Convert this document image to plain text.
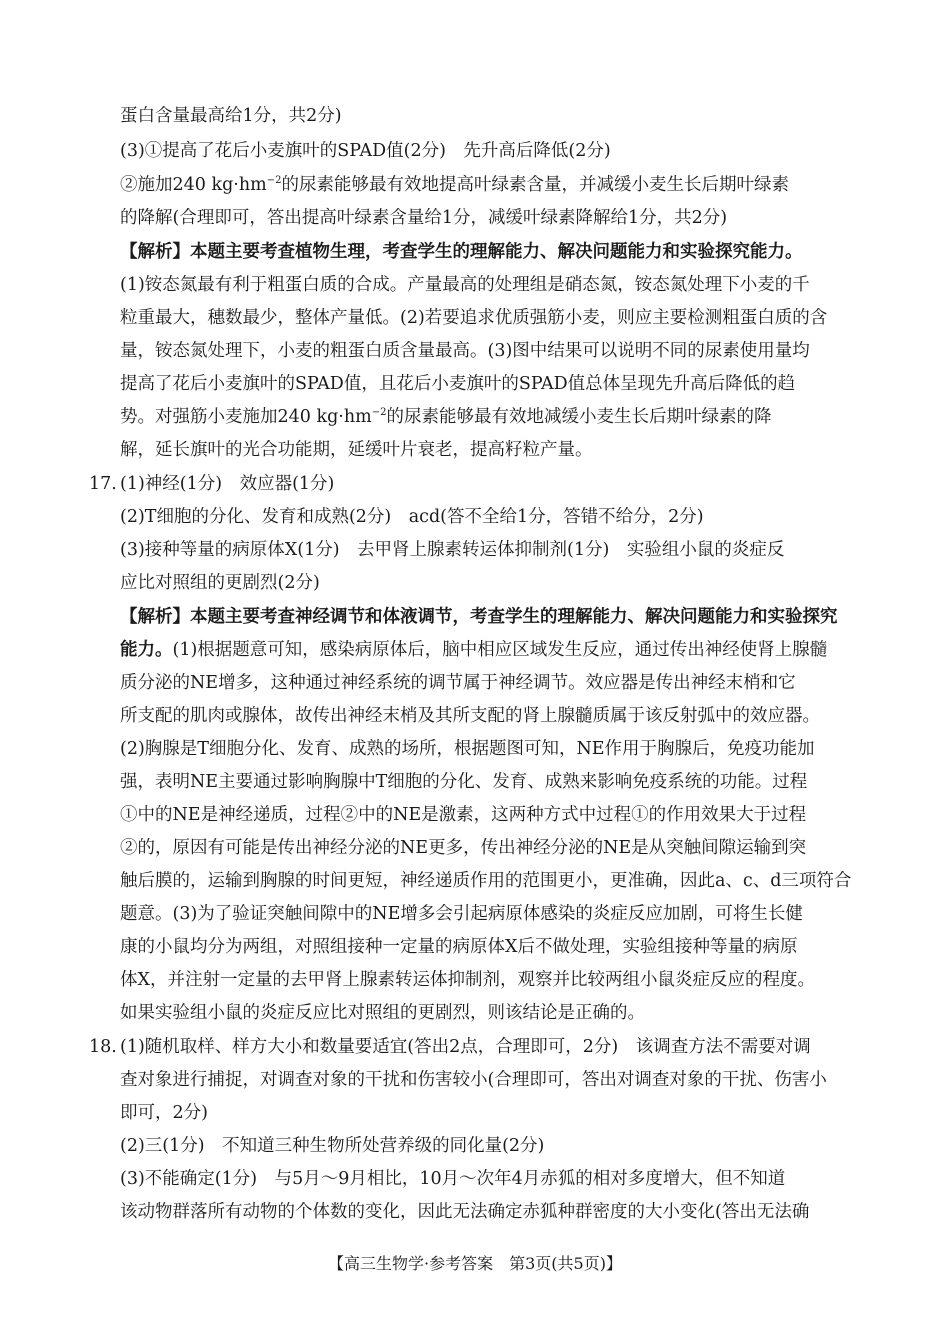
蛋白含量最高给1分，共2分)
(3)①提高了花后小麦旗叶的SPAD值(2分)　先升高后降低(2分)
②施加240 $kg\cdot hm^{-2}$的尿素能够最有效地提高叶绿素含量，并减缓小麦生长后期叶绿素
的降解(合理即可，答出提高叶绿素含量给1分，减缓叶绿素降解给1分，共2分)
【解析】本题主要考查植物生理，考查学生的理解能力、解决问题能力和实验探究能力。
(1)铵态氮最有利于粗蛋白质的合成。产量最高的处理组是硝态氮，铵态氮处理下小麦的千
粒重最大，穗数最少，整体产量低。(2)若要追求优质强筋小麦，则应主要检测粗蛋白质的含
量，铵态氮处理下，小麦的粗蛋白质含量最高。(3)图中结果可以说明不同的尿素使用量均
提高了花后小麦旗叶的SPAD值，且花后小麦旗叶的SPAD值总体呈现先升高后降低的趋
势。对强筋小麦施加240 $kg\cdot hm^{-2}$的尿素能够最有效地减缓小麦生长后期叶绿素的降
解，延长旗叶的光合功能期，延缓叶片衰老，提高籽粒产量。
17. (1)神经(1分)　效应器(1分)
(2)T细胞的分化、发育和成熟(2分)　acd(答不全给1分，答错不给分，2分)
(3)接种等量的病原体X(1分)　去甲肾上腺素转运体抑制剂(1分)　实验组小鼠的炎症反
应比对照组的更剧烈(2分)
【解析】本题主要考查神经调节和体液调节，考查学生的理解能力、解决问题能力和实验探究
能力。(1)根据题意可知，感染病原体后，脑中相应区域发生反应，通过传出神经使肾上腺髓
质分泌的NE增多，这种通过神经系统的调节属于神经调节。效应器是传出神经末梢和它
所支配的肌肉或腺体，故传出神经末梢及其所支配的肾上腺髓质属于该反射弧中的效应器。
(2)胸腺是T细胞分化、发育、成熟的场所，根据题图可知，NE作用于胸腺后，免疫功能加
强，表明NE主要通过影响胸腺中T细胞的分化、发育、成熟来影响免疫系统的功能。过程
①中的NE是神经递质，过程②中的NE是激素，这两种方式中过程①的作用效果大于过程
②的，原因有可能是传出神经分泌的NE更多，传出神经分泌的NE是从突触间隙运输到突
触后膜的，运输到胸腺的时间更短，神经递质作用的范围更小，更准确，因此a、c、d三项符合
题意。(3)为了验证突触间隙中的NE增多会引起病原体感染的炎症反应加剧，可将生长健
康的小鼠均分为两组，对照组接种一定量的病原体X后不做处理，实验组接种等量的病原
体X，并注射一定量的去甲肾上腺素转运体抑制剂，观察并比较两组小鼠炎症反应的程度。
如果实验组小鼠的炎症反应比对照组的更剧烈，则该结论是正确的。
18. (1)随机取样、样方大小和数量要适宜(答出2点，合理即可，2分)　该调查方法不需要对调
查对象进行捕捉，对调查对象的干扰和伤害较小(合理即可，答出对调查对象的干扰、伤害小
即可，2分)
(2)三(1分)　不知道三种生物所处营养级的同化量(2分)
(3)不能确定(1分)　与5月～9月相比，10月～次年4月赤狐的相对多度增大，但不知道
该动物群落所有动物的个体数的变化，因此无法确定赤狐种群密度的大小变化(答出无法确
【高三生物学·参考答案　第3页(共5页)】
